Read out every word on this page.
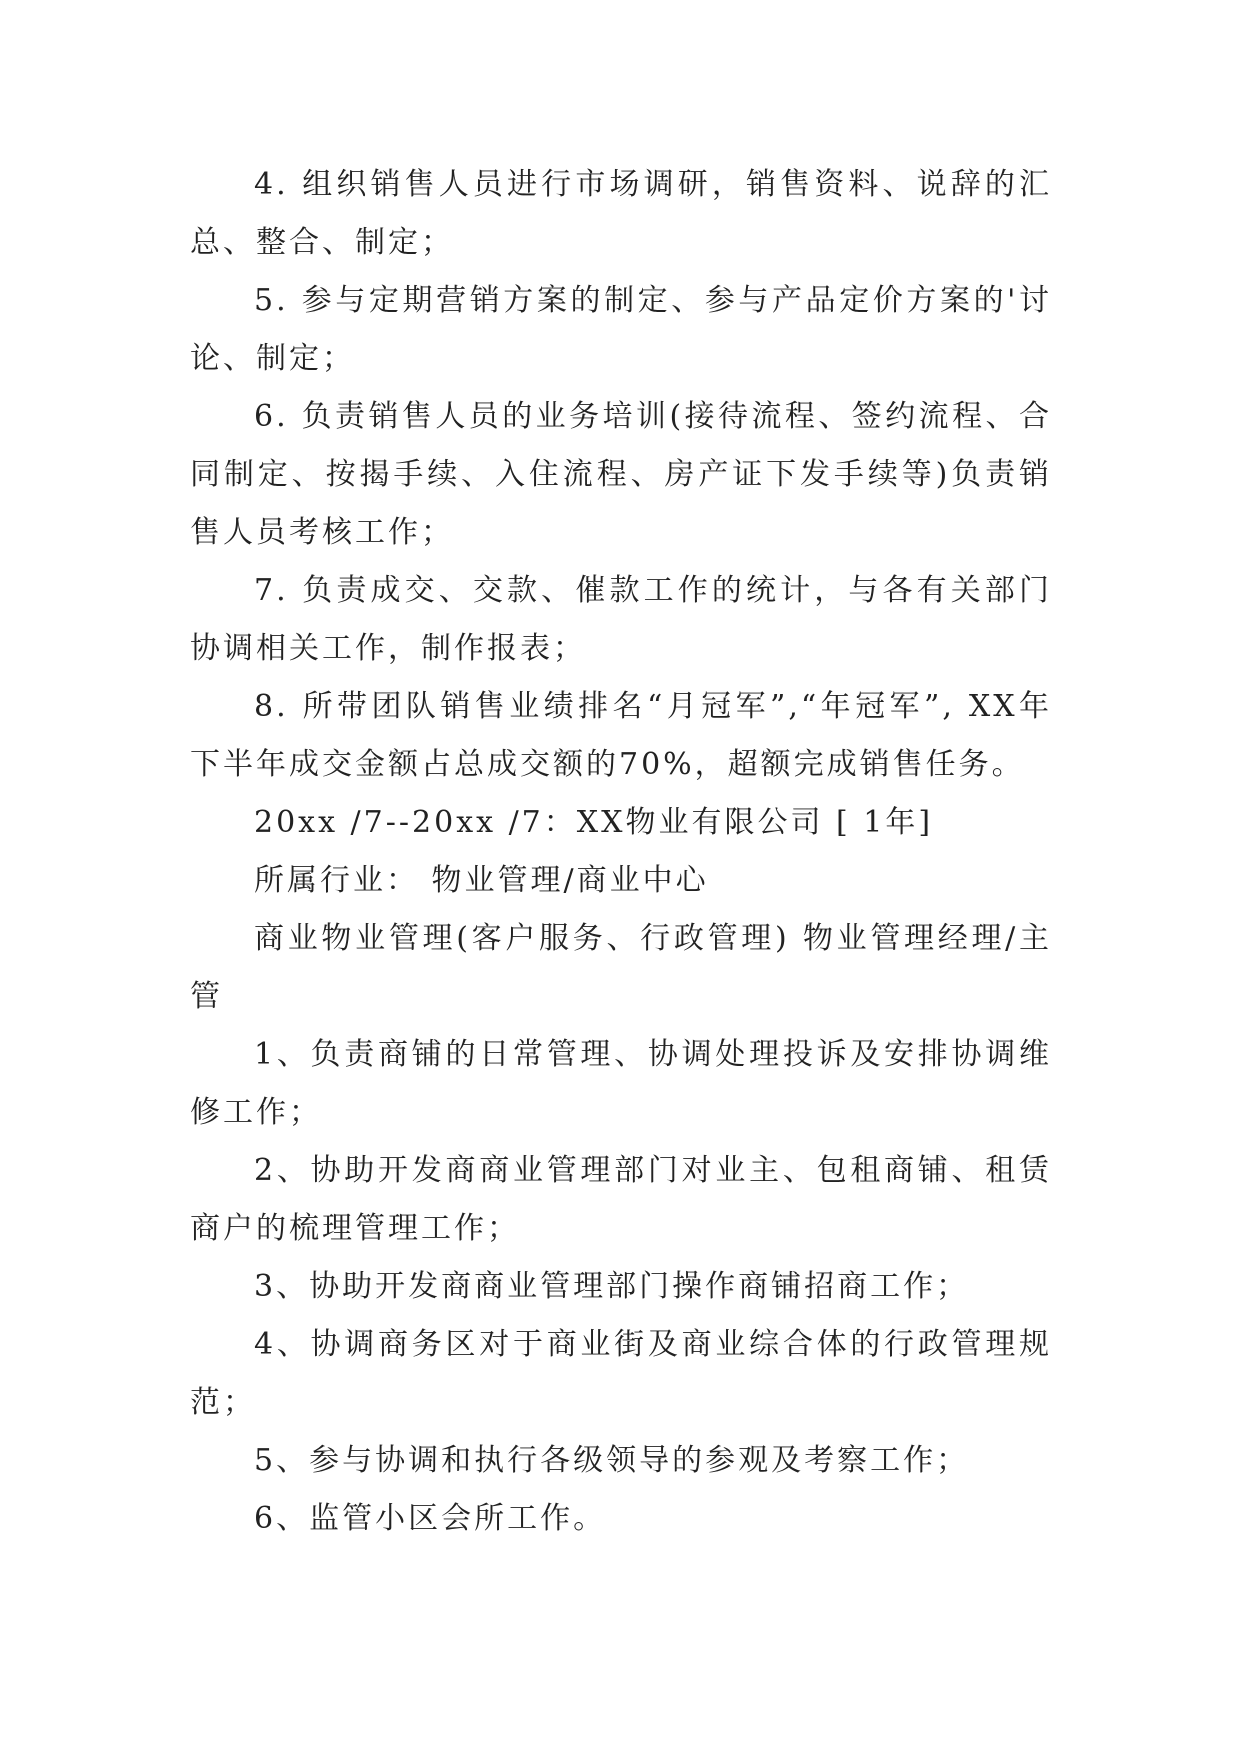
4. 组织销售人员进行市场调研，销售资料、说辞的汇总、整合、制定；

5. 参与定期营销方案的制定、参与产品定价方案的'讨论、制定；

6. 负责销售人员的业务培训(接待流程、签约流程、合同制定、按揭手续、入住流程、房产证下发手续等)负责销售人员考核工作；

7. 负责成交、交款、催款工作的统计，与各有关部门协调相关工作，制作报表；

8. 所带团队销售业绩排名“月冠军”,“年冠军”, XX年下半年成交金额占总成交额的70%，超额完成销售任务。

20xx /7--20xx /7：XX物业有限公司 [ 1年]

所属行业： 物业管理/商业中心

商业物业管理(客户服务、行政管理) 物业管理经理/主管

1、负责商铺的日常管理、协调处理投诉及安排协调维修工作；

2、协助开发商商业管理部门对业主、包租商铺、租赁商户的梳理管理工作；

3、协助开发商商业管理部门操作商铺招商工作；

4、协调商务区对于商业街及商业综合体的行政管理规范；

5、参与协调和执行各级领导的参观及考察工作；

6、监管小区会所工作。
